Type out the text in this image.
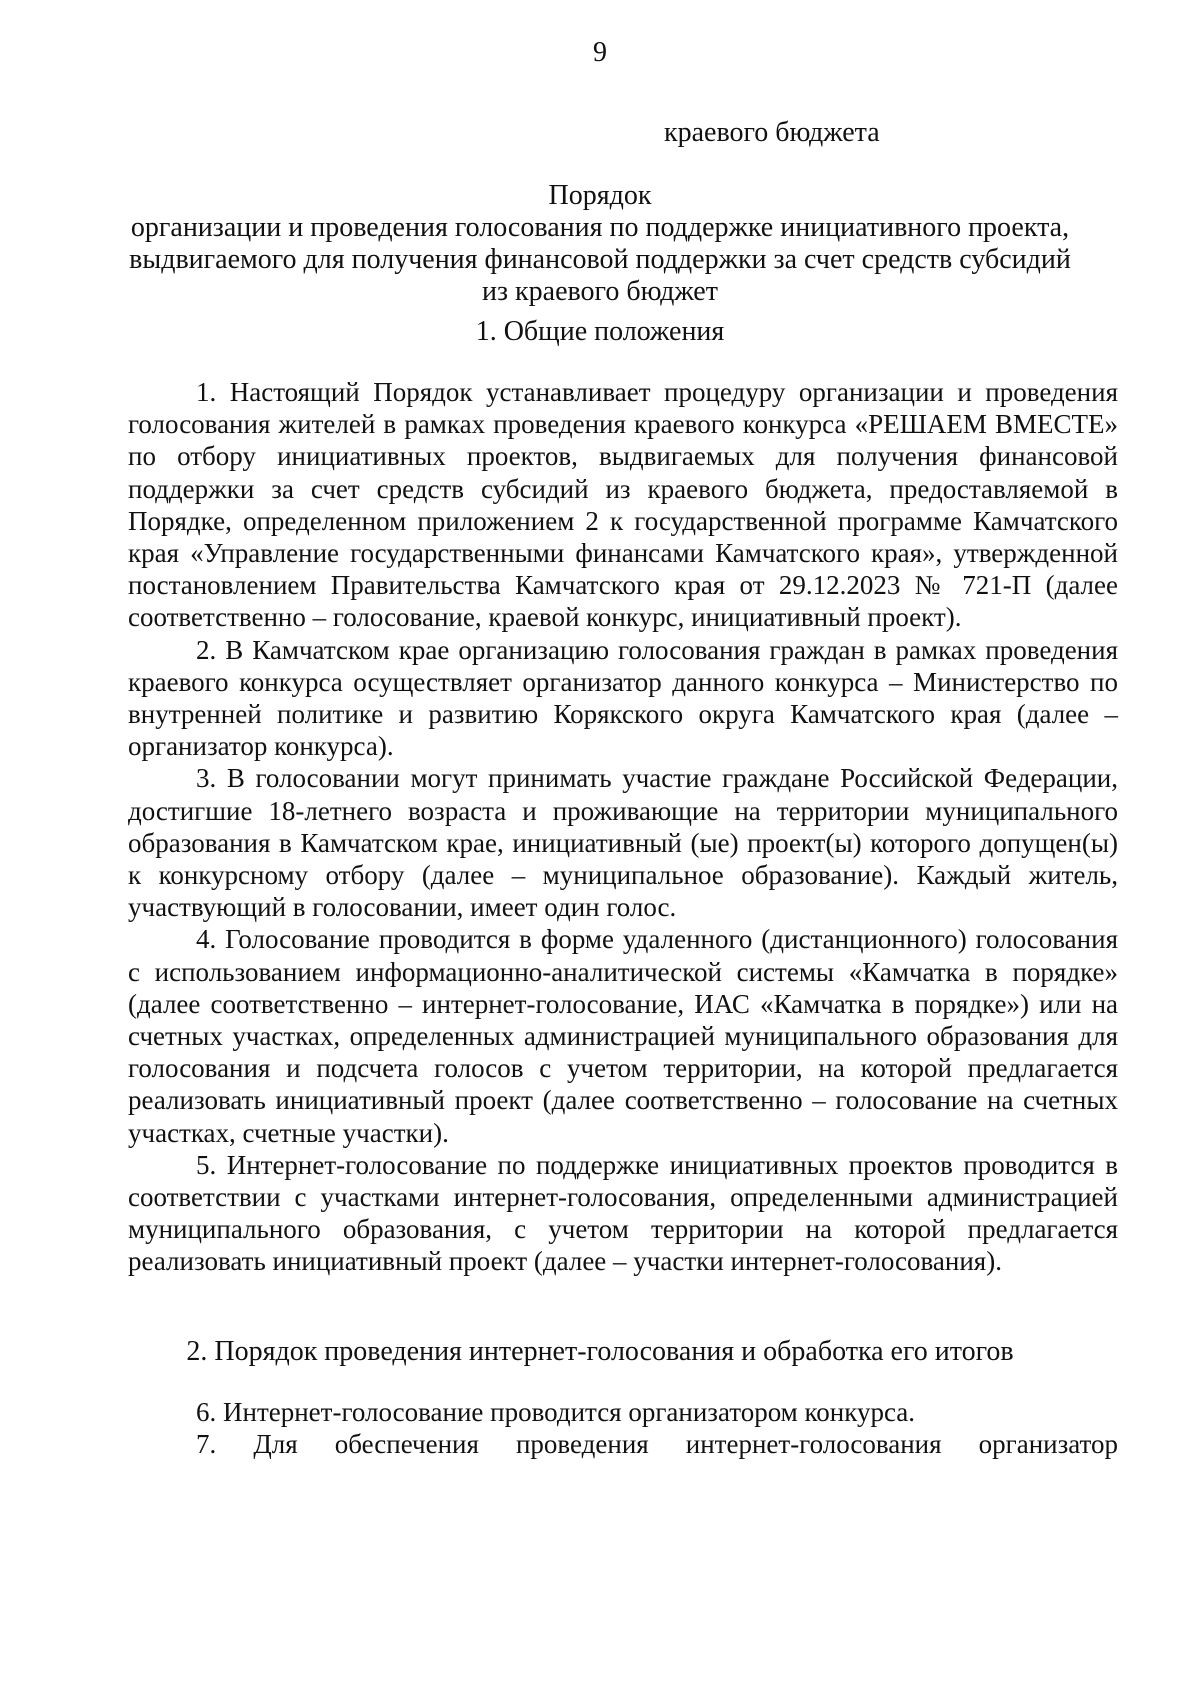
9
краевого бюджета
Порядок
организации и проведения голосования по поддержке инициативного проекта,
выдвигаемого для получения финансовой поддержки за счет средств субсидий
из краевого бюджет
1. Общие положения

1. Настоящий Порядок устанавливает процедуру организации и проведения голосования жителей в рамках проведения краевого конкурса «РЕШАЕМ ВМЕСТЕ» по отбору инициативных проектов, выдвигаемых для получения финансовой поддержки за счет средств субсидий из краевого бюджета, предоставляемой в Порядке, определенном приложением 2 к государственной программе Камчатского края «Управление государственными финансами Камчатского края», утвержденной постановлением Правительства Камчатского края от 29.12.2023 № 721-П (далее соответственно – голосование, краевой конкурс, инициативный проект).

2. В Камчатском крае организацию голосования граждан в рамках проведения краевого конкурса осуществляет организатор данного конкурса – Министерство по внутренней политике и развитию Корякского округа Камчатского края (далее – организатор конкурса).

3. В голосовании могут принимать участие граждане Российской Федерации, достигшие 18-летнего возраста и проживающие на территории муниципального образования в Камчатском крае, инициативный (ые) проект(ы) которого допущен(ы) к конкурсному отбору (далее – муниципальное образование). Каждый житель, участвующий в голосовании, имеет один голос.

4. Голосование проводится в форме удаленного (дистанционного) голосования с использованием информационно-аналитической системы «Камчатка в порядке» (далее соответственно – интернет-голосование, ИАС «Камчатка в порядке») или на счетных участках, определенных администрацией муниципального образования для голосования и подсчета голосов с учетом территории, на которой предлагается реализовать инициативный проект (далее соответственно – голосование на счетных участках, счетные участки).

5. Интернет-голосование по поддержке инициативных проектов проводится в соответствии с участками интернет-голосования, определенными администрацией муниципального образования, с учетом территории на которой предлагается реализовать инициативный проект (далее – участки интернет-голосования).

2. Порядок проведения интернет-голосования и обработка его итогов

6. Интернет-голосование проводится организатором конкурса.

7. Для обеспечения проведения интернет-голосования организатор
